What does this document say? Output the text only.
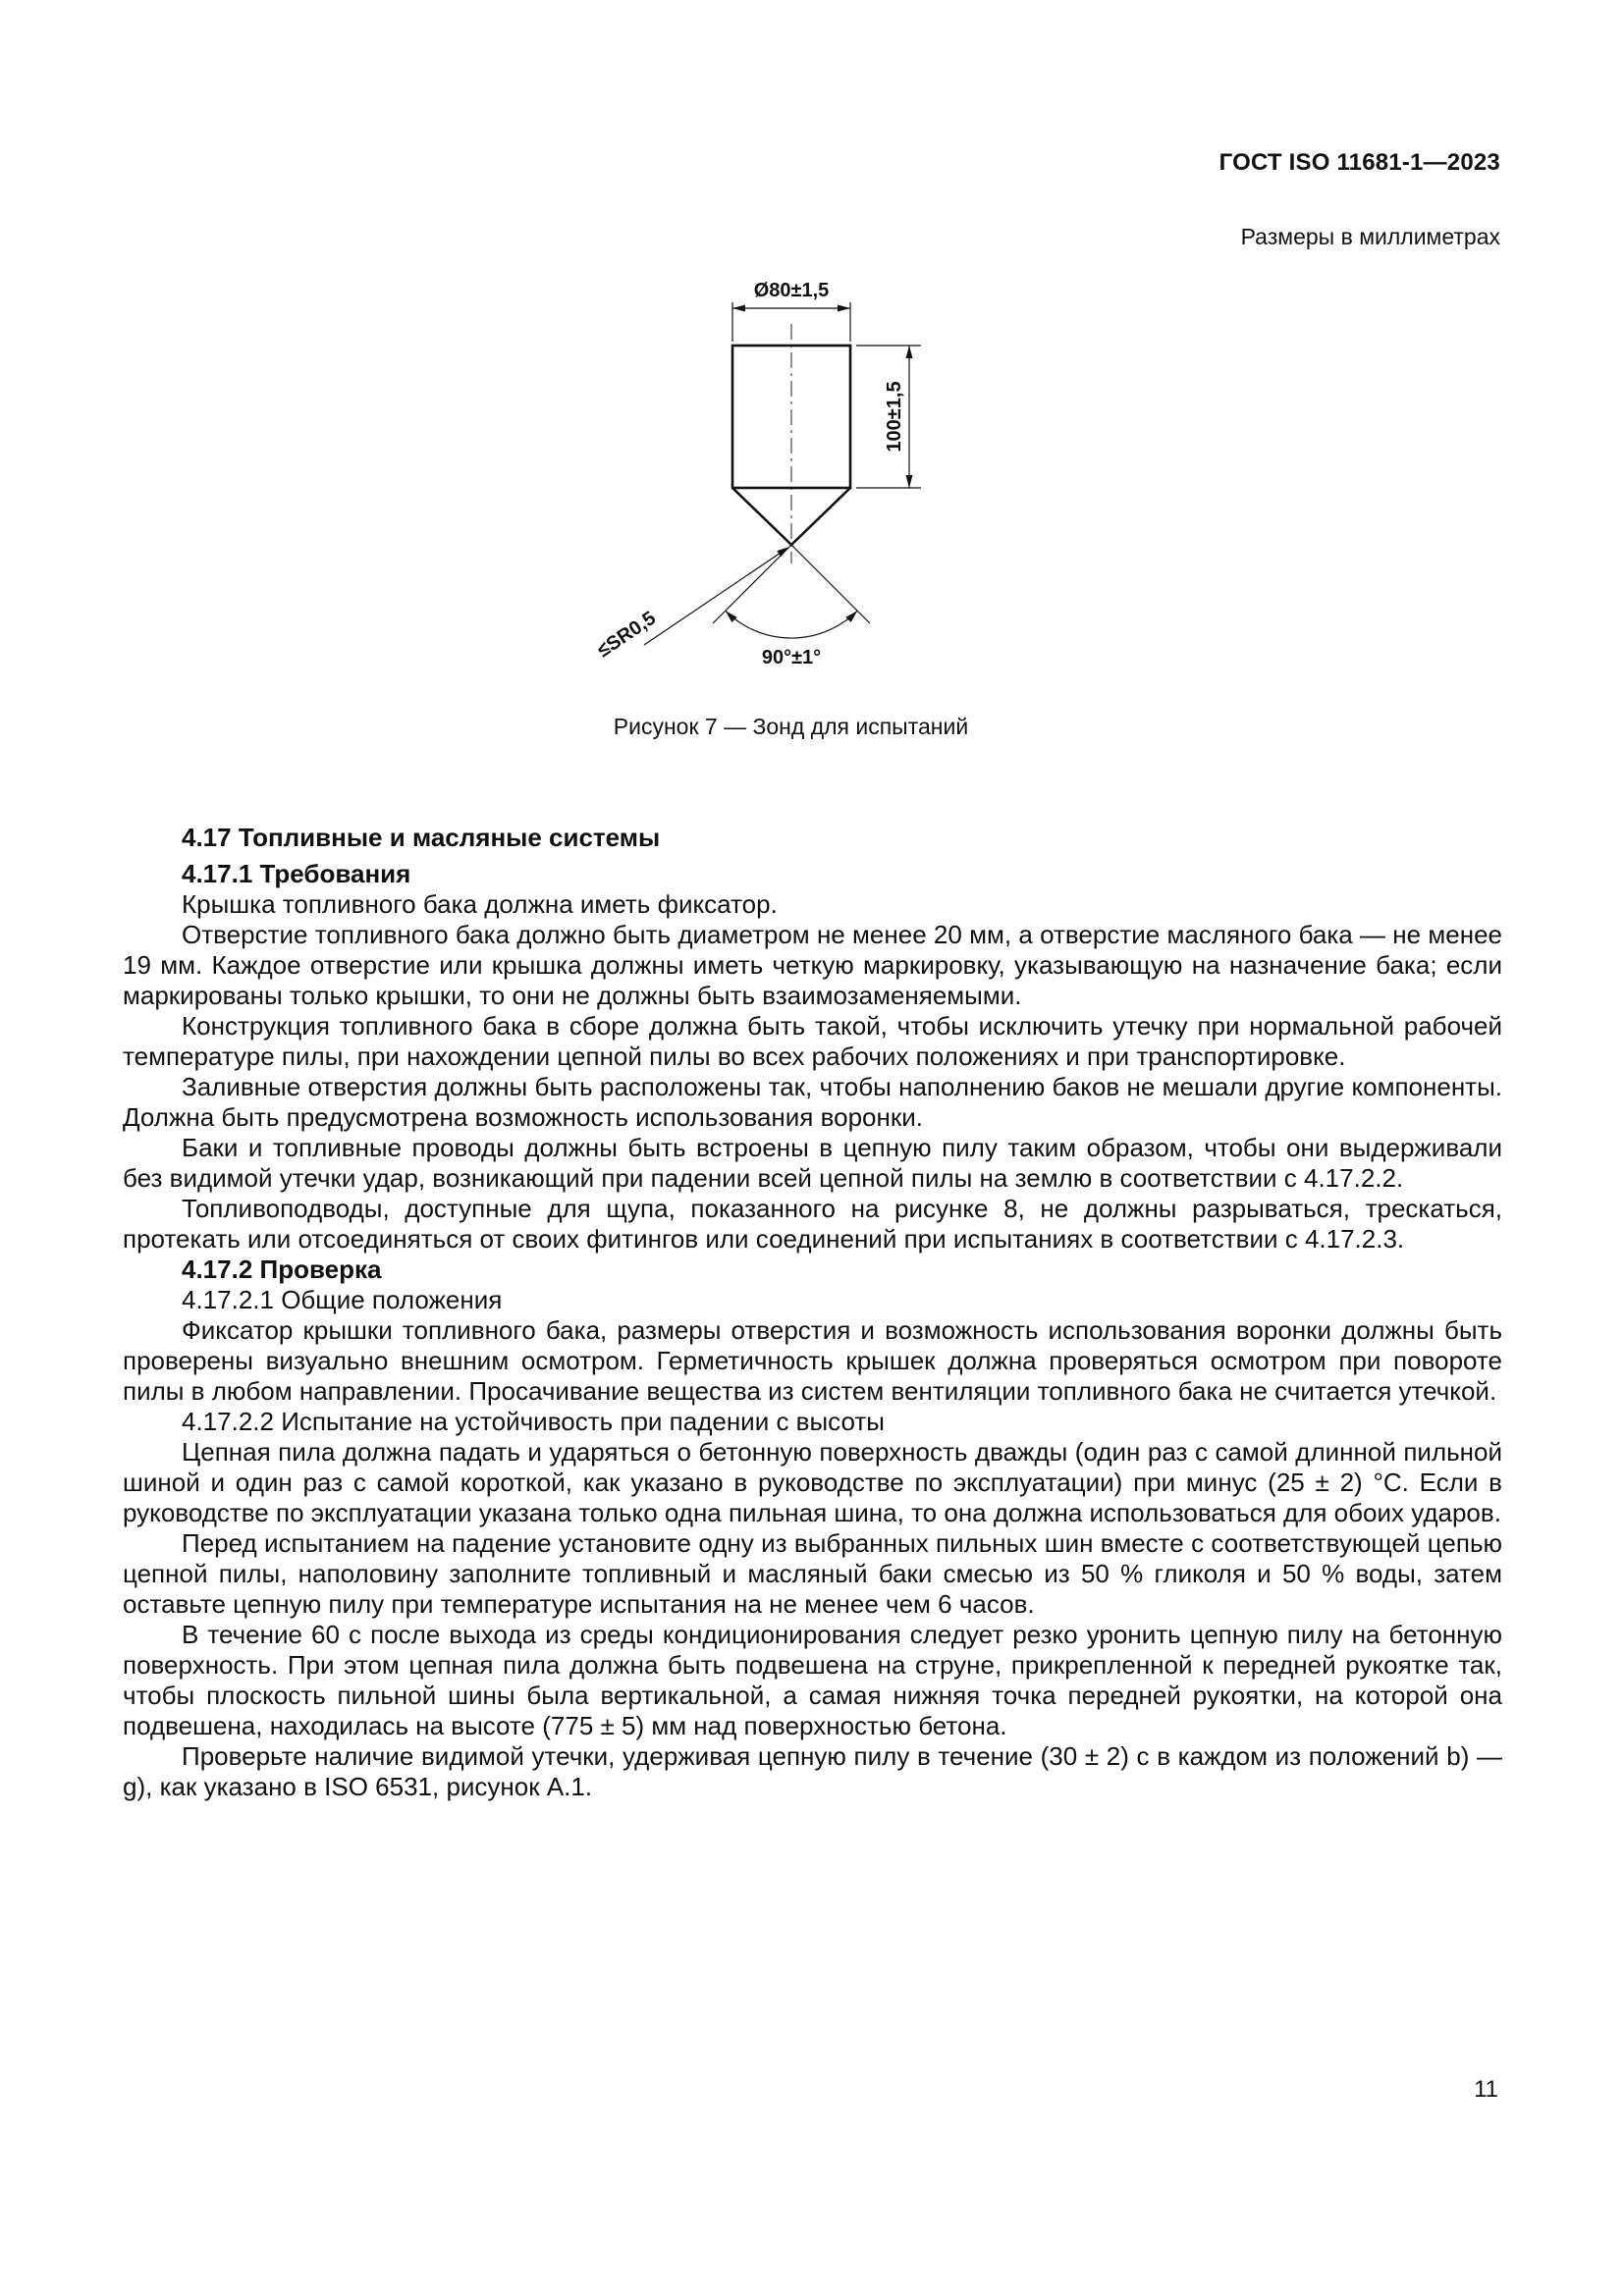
ГОСТ ISO 11681-1—2023
Размеры в миллиметрах
Ø80±1,5
100±1,5
≤SR0,5	90°±1°
Рисунок 7 — Зонд для испытаний
4.17 Топливные и масляные системы
4.17.1 Требования

Крышка топливного бака должна иметь фиксатор.

Отверстие топливного бака должно быть диаметром не менее 20 мм, а отверстие масляного бака — не менее 19 мм. Каждое отверстие или крышка должны иметь четкую маркировку, указывающую на назначение бака; если маркированы только крышки, то они не должны быть взаимозаменяемыми.

Конструкция топливного бака в сборе должна быть такой, чтобы исключить утечку при нормальной рабочей температуре пилы, при нахождении цепной пилы во всех рабочих положениях и при транспортировке.

Заливные отверстия должны быть расположены так, чтобы наполнению баков не мешали другие компоненты. Должна быть предусмотрена возможность использования воронки.

Баки и топливные проводы должны быть встроены в цепную пилу таким образом, чтобы они выдерживали без видимой утечки удар, возникающий при падении всей цепной пилы на землю в соответствии с 4.17.2.2.

Топливоподводы, доступные для щупа, показанного на рисунке 8, не должны разрываться, трескаться, протекать или отсоединяться от своих фитингов или соединений при испытаниях в соответствии с 4.17.2.3.

4.17.2 Проверка

4.17.2.1 Общие положения

Фиксатор крышки топливного бака, размеры отверстия и возможность использования воронки должны быть проверены визуально внешним осмотром. Герметичность крышек должна проверяться осмотром при повороте пилы в любом направлении. Просачивание вещества из систем вентиляции топливного бака не считается утечкой.

4.17.2.2 Испытание на устойчивость при падении с высоты

Цепная пила должна падать и ударяться о бетонную поверхность дважды (один раз с самой длинной пильной шиной и один раз с самой короткой, как указано в руководстве по эксплуатации) при минус (25 ± 2) °С. Если в руководстве по эксплуатации указана только одна пильная шина, то она должна использоваться для обоих ударов.

Перед испытанием на падение установите одну из выбранных пильных шин вместе с соответствующей цепью цепной пилы, наполовину заполните топливный и масляный баки смесью из 50 % гликоля и 50 % воды, затем оставьте цепную пилу при температуре испытания на не менее чем 6 часов.

В течение 60 с после выхода из среды кондиционирования следует резко уронить цепную пилу на бетонную поверхность. При этом цепная пила должна быть подвешена на струне, прикрепленной к передней рукоятке так, чтобы плоскость пильной шины была вертикальной, а самая нижняя точка передней рукоятки, на которой она подвешена, находилась на высоте (775 ± 5) мм над поверхностью бетона.

Проверьте наличие видимой утечки, удерживая цепную пилу в течение (30 ± 2) с в каждом из положений b) — g), как указано в ISO 6531, рисунок А.1.

11
